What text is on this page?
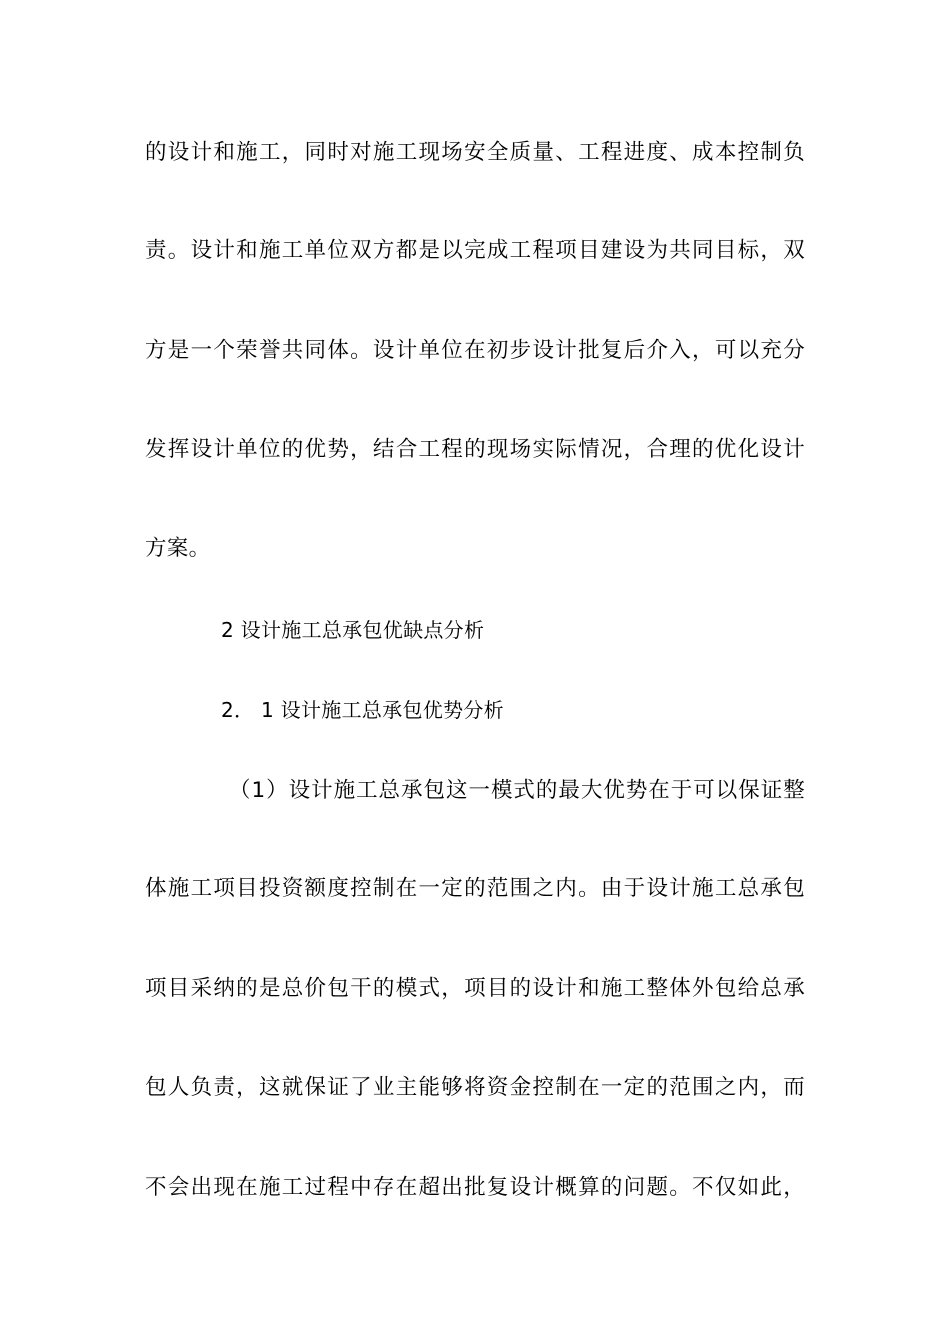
的设计和施工，同时对施工现场安全质量、工程进度、成本控制负
责。设计和施工单位双方都是以完成工程项目建设为共同目标，双
方是一个荣誉共同体。设计单位在初步设计批复后介入，可以充分
发挥设计单位的优势，结合工程的现场实际情况，合理的优化设计
方案。
2 设计施工总承包优缺点分析
2． 1 设计施工总承包优势分析
（1）设计施工总承包这一模式的最大优势在于可以保证整
体施工项目投资额度控制在一定的范围之内。由于设计施工总承包
项目采纳的是总价包干的模式，项目的设计和施工整体外包给总承
包人负责，这就保证了业主能够将资金控制在一定的范围之内，而
不会出现在施工过程中存在超出批复设计概算的问题。不仅如此，
